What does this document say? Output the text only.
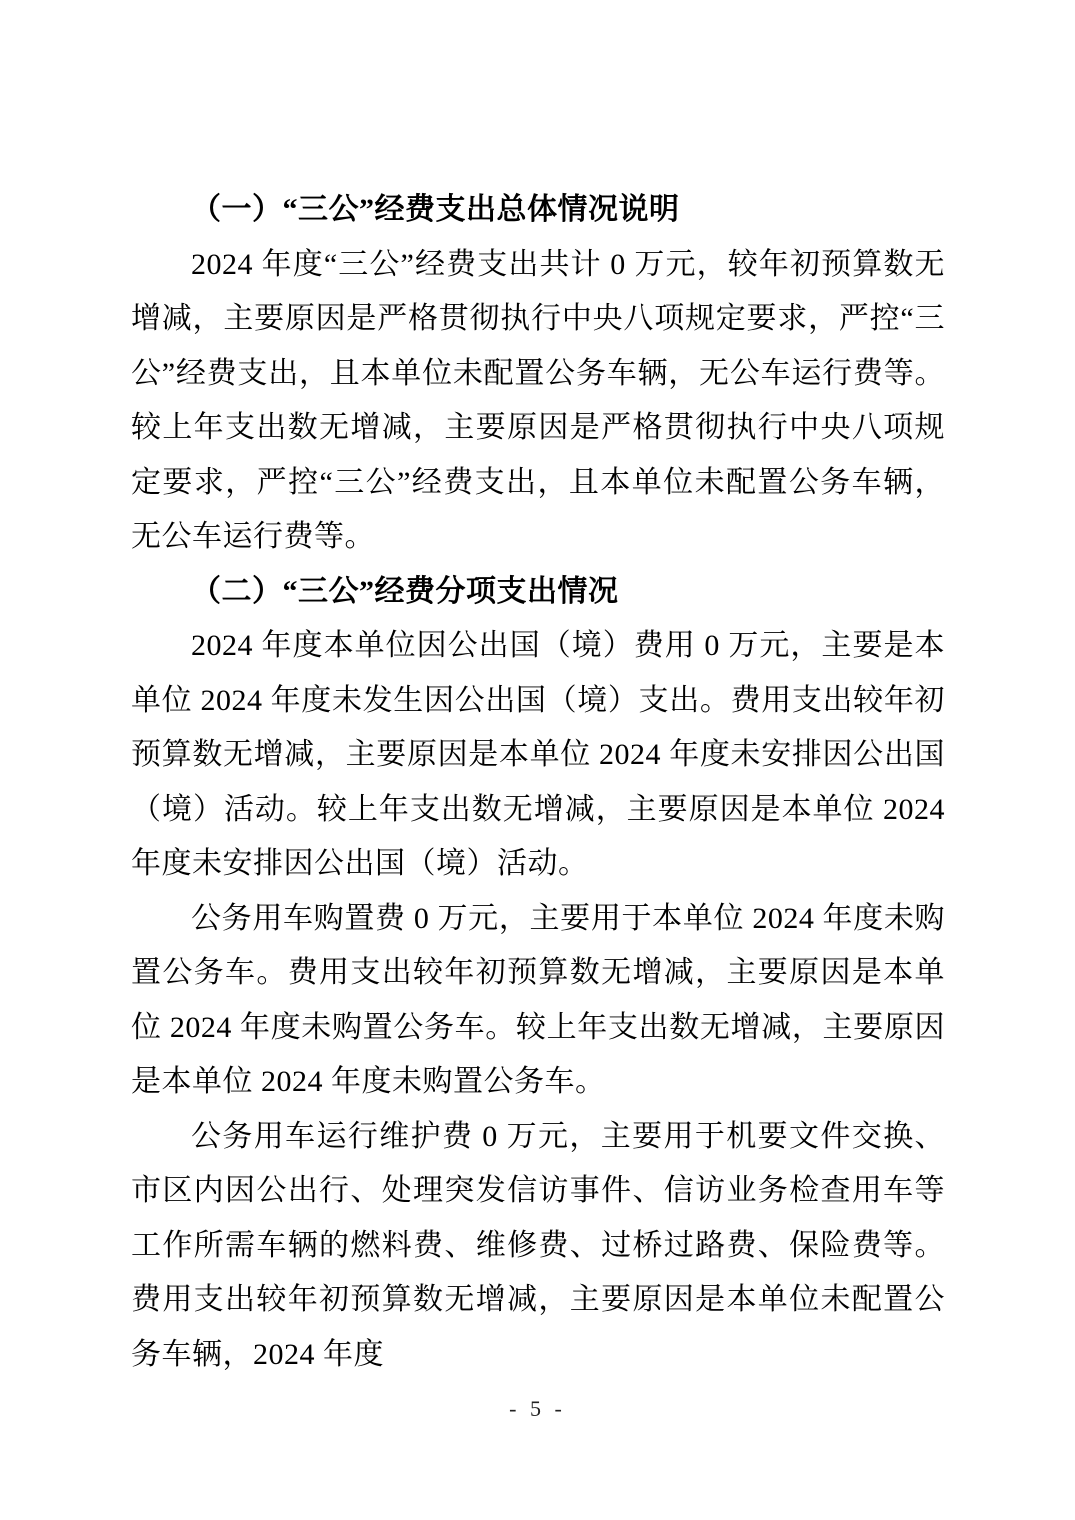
（一）“三公”经费支出总体情况说明

2024 年度“三公”经费支出共计 0 万元，较年初预算数无增减，主要原因是严格贯彻执行中央八项规定要求，严控“三公”经费支出，且本单位未配置公务车辆，无公车运行费等。较上年支出数无增减，主要原因是严格贯彻执行中央八项规定要求，严控“三公”经费支出，且本单位未配置公务车辆，无公车运行费等。

（二）“三公”经费分项支出情况

2024 年度本单位因公出国（境）费用 0 万元，主要是本单位 2024 年度未发生因公出国（境）支出。费用支出较年初预算数无增减，主要原因是本单位 2024 年度未安排因公出国（境）活动。较上年支出数无增减，主要原因是本单位 2024 年度未安排因公出国（境）活动。

公务用车购置费 0 万元，主要用于本单位 2024 年度未购置公务车。费用支出较年初预算数无增减，主要原因是本单位 2024 年度未购置公务车。较上年支出数无增减，主要原因是本单位 2024 年度未购置公务车。

公务用车运行维护费 0 万元，主要用于机要文件交换、市区内因公出行、处理突发信访事件、信访业务检查用车等工作所需车辆的燃料费、维修费、过桥过路费、保险费等。费用支出较年初预算数无增减，主要原因是本单位未配置公务车辆，2024 年度

- 5 -
